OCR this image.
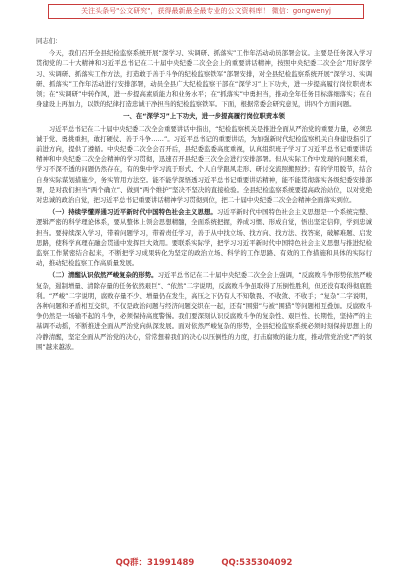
关注头条号"公文研究"，获得最新最全最专业的公文资料库！ 微信：gongwenyj
同志们：

今天，我们召开全县纪检监察系统开展“深学习、实调研、抓落实”工作年活动动员部署会议。主要是任务深入学习贯彻党的二十大精神和习近平总书记在二十届中央纪委二次全会上的重要讲话精神，按照中央纪委二次全会“用好深学习、实调研、抓落实工作方法，打造敢于善于斗争的纪检监察铁军”部署安排，对全县纪检监察系统开展“深学习、实调研、抓落实”工作年活动进行安排部署，动员全县广大纪检监察干部在“深学习”上下功夫，进一步提高履行岗位职责本领；在“实调研”中转作风，进一步提高素质能力和业务水平；在“抓落实”中勇担当，推动全年任务目标落细落实；在自身建设上再加力，以铁的纪律打造忠诚干净担当的纪检监察铁军。下面，根据常委会研究意见，讲四个方面问题。

一、在“深学习”上下功夫，进一步提高履行岗位职责本领

习近平总书记在二十届中央纪委二次全会重要讲话中指出，“纪检监察机关是推进全面从严治党的重要力量，必须忠诚于党、勇挑重担，敢打硬仗、善于斗争……”。习近平总书记的重要讲话，为加强新时代纪检监察机关自身建设指引了前进方向，提供了遵循。中央纪委二次全会召开后，县纪委监委高度重视，认真组织班子学习了习近平总书记重要讲话精神和中央纪委二次全会精神的学习贯彻，迅速召开县纪委三次全会进行安排部署。但从实际工作中发现的问题来看，学习不深不透的问题仍然存在，有的集中学习流于形式、个人自学跟风走形、研讨交流照搬照抄；有的学用脱节，结合自身实际谋划措施少，务实管用方法空。能不能学深悟透习近平总书记重要讲话精神，能不能贯彻落实各级纪委安排部署，是对我们担当“两个确立”、做到“两个维护”坚决不坚决的直接检验。全县纪检监察系统要提高政治站位，以对党绝对忠诚的政治自觉，把习近平总书记重要讲话精神学习贯彻到位，把二十届中央纪委二次全会精神全面落实到位。

（一）持续学懂弄通习近平新时代中国特色社会主义思想。习近平新时代中国特色社会主义思想是一个系统完整、逻辑严密的科学理论体系，要从整体上领会思想精髓，全面系统把握，养成习惯、形成自觉，悟出坚定信仰，学到忠诚担当。要持续深入学习，带着问题学习，带着责任学习，善于从中找立场、找方向、找方法、找答案，破解难题、启发思路，使科学真理在融会贯通中发挥巨大效用。要联系实际学，把学习习近平新时代中国特色社会主义思想与推进纪检监察工作紧密结合起来，不断把学习成果转化为坚定的政治立场、科学的工作思路、有效的工作措施和具体的实际行动，推动纪检监察工作高质量发展。

（二）清醒认识依然严峻复杂的形势。习近平总书记在二十届中央纪委二次全会上强调，“反腐败斗争形势依然严峻复杂，遏制增量、清除存量的任务依然艰巨”、“依然”二字说明，反腐败斗争虽取得了压倒性胜利，但还没有取得彻底胜利。“严峻”二字说明，腐败存量不少、增量仍在发生，高压之下仍有人不知敬畏、不收敛、不收手；“复杂”二字说明，各种问题和矛盾相互交织，不仅是政治问题与经济问题交织在一起，还有“围猎”与被“围猎”等问题相互叠加。反腐败斗争仍然是一场输不起的斗争，必须保持高度警惕。我们要深刻认识反腐败斗争的复杂性、艰巨性、长期性，坚持严的主基调不动摇，不断推进全面从严治党向纵深发展。面对依然严峻复杂的形势，全县纪检监察系统必须时刻保持思想上的冷静清醒，坚定全面从严治党的决心，常常想着我们的决心以压倒性的力度，打击腐败的能力度，推动管党治党“严的氛围”越来越浓。

QQ群：31991489	QQ:535304092
